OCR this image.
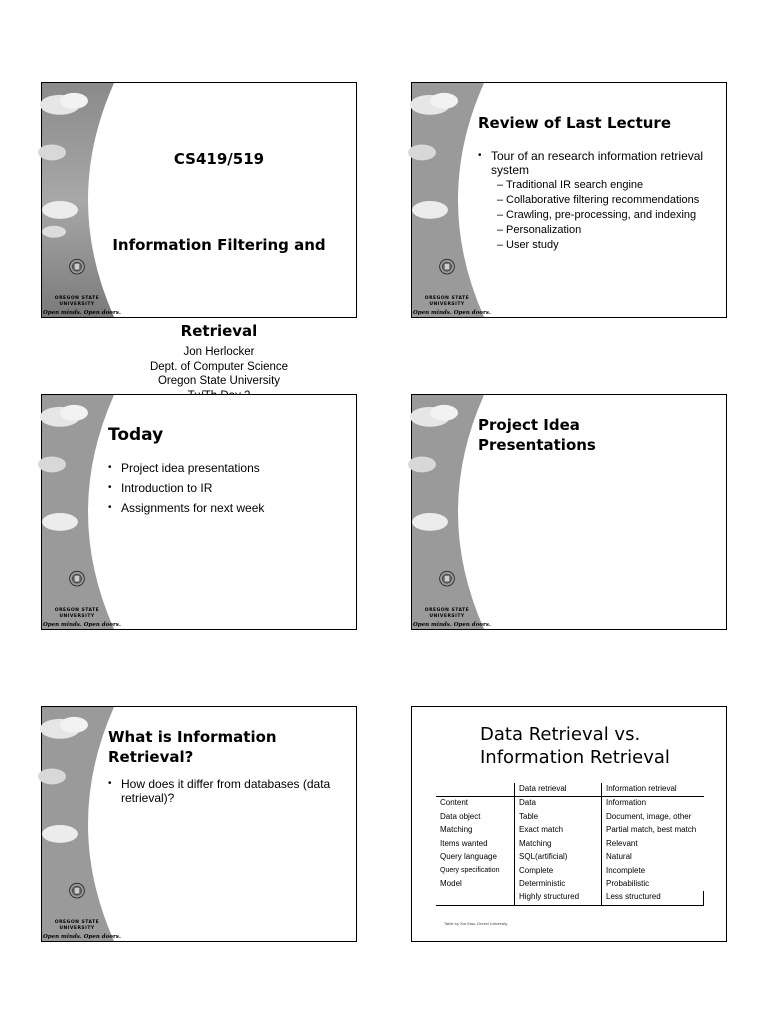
OREGON STATE
UNIVERSITY
Open minds. Open doors.
CS419/519
Information Filtering and
Retrieval
Jon Herlocker
Dept. of Computer Science
Oregon State University
OREGON STATE
UNIVERSITY
Open minds. Open doors.
Review of Last Lecture
• Tour of an research information retrieval system
– Traditional IR search engine
– Collaborative filtering recommendations
– Crawling, pre-processing, and indexing
– Personalization
– User study
OREGON STATE
UNIVERSITY
Open minds. Open doors.
Today
• Project idea presentations
• Introduction to IR
• Assignments for next week
OREGON STATE
UNIVERSITY
Open minds. Open doors.
Project Idea
Presentations
OREGON STATE
UNIVERSITY
Open minds. Open doors.
What is Information
Retrieval?
• How does it differ from databases (data retrieval)?
Data Retrieval vs.
Information Retrieval
	Data retrieval	Information retrieval
Content	Data	Information
Data object	Table	Document, image, other
Matching	Exact match	Partial match, best match
Items wanted	Matching	Relevant
Query language	SQL(artificial)	Natural
Query specification	Complete	Incomplete
Model	Deterministic	Probabilistic
	Highly structured	Less structured
Table by Xia Xiao, Drexel University
